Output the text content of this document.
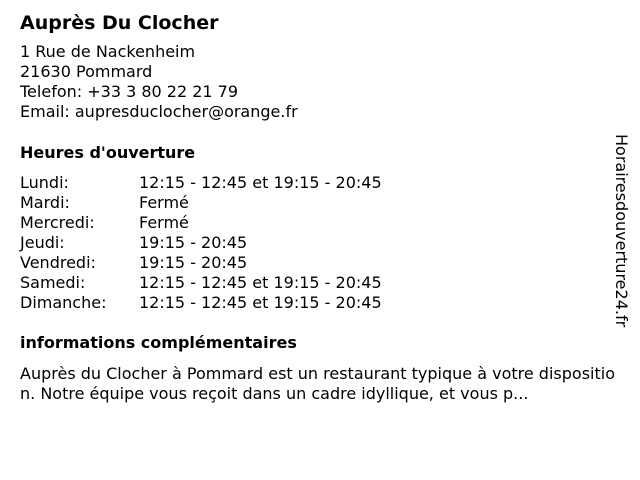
Auprès Du Clocher
1 Rue de Nackenheim
21630 Pommard
Telefon: +33 3 80 22 21 79
Email: aupresduclocher@orange.fr
Heures d'ouverture
Lundi:	12:15 - 12:45 et 19:15 - 20:45
Mardi:	Fermé
Mercredi:	Fermé
Jeudi:	19:15 - 20:45
Vendredi:	19:15 - 20:45
Samedi:	12:15 - 12:45 et 19:15 - 20:45
Dimanche:	12:15 - 12:45 et 19:15 - 20:45
informations complémentaires
Auprès du Clocher à Pommard est un restaurant typique à votre disposition. Notre équipe vous reçoit dans un cadre idyllique, et vous p...
Horairesdouverture24.fr
